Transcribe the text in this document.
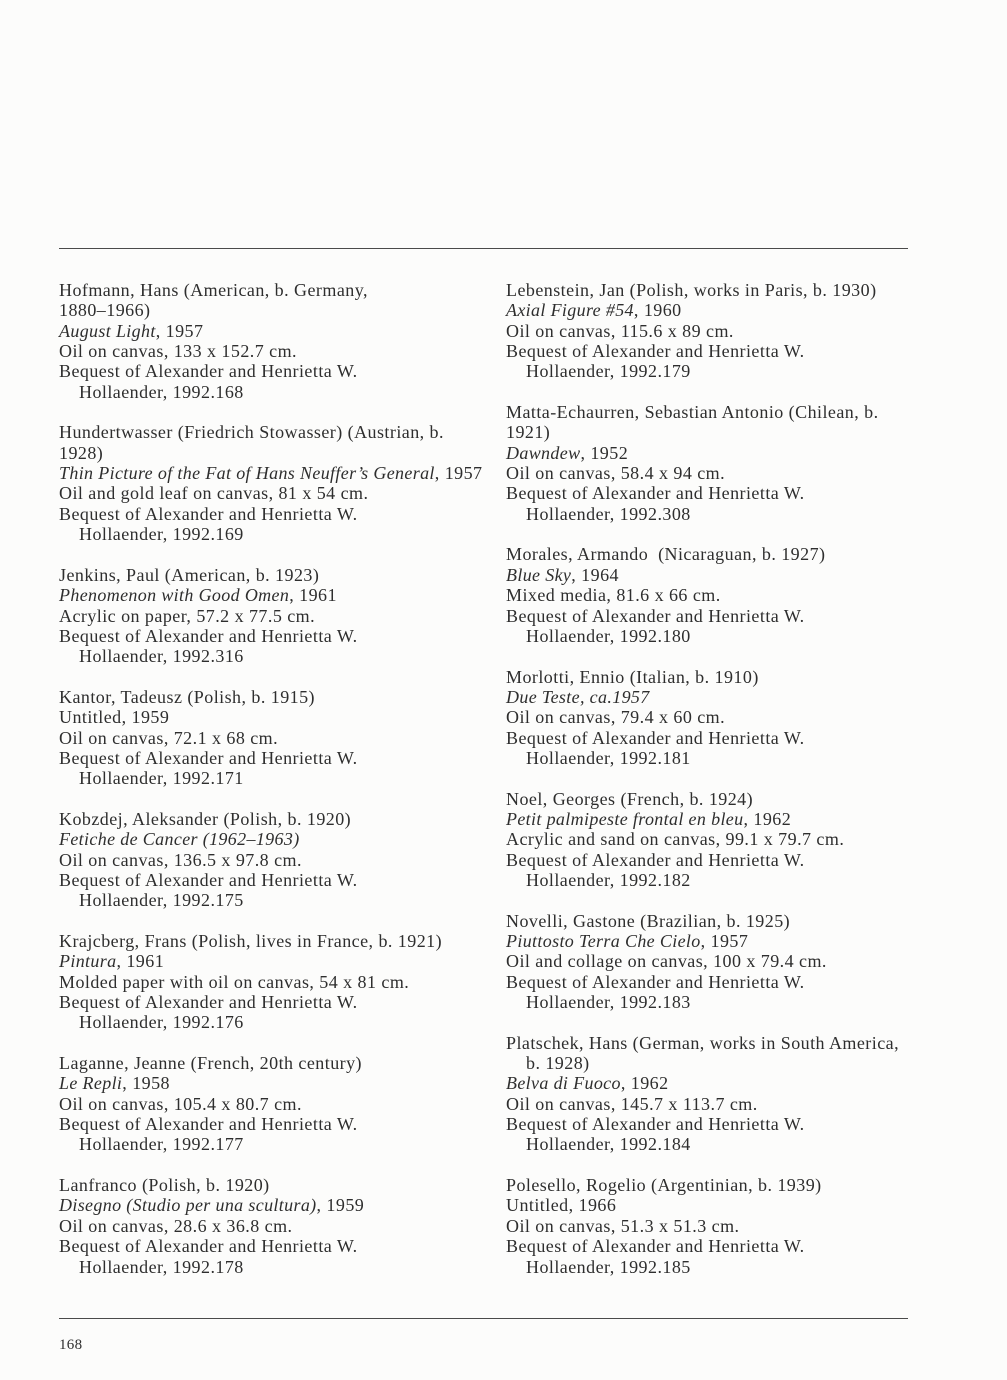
Hofmann, Hans (American, b. Germany,
1880–1966)
August Light, 1957
Oil on canvas, 133 x 152.7 cm.
Bequest of Alexander and Henrietta W.
Hollaender, 1992.168
Hundertwasser (Friedrich Stowasser) (Austrian, b.
1928)
Thin Picture of the Fat of Hans Neuffer’s General, 1957
Oil and gold leaf on canvas, 81 x 54 cm.
Bequest of Alexander and Henrietta W.
Hollaender, 1992.169
Jenkins, Paul (American, b. 1923)
Phenomenon with Good Omen, 1961
Acrylic on paper, 57.2 x 77.5 cm.
Bequest of Alexander and Henrietta W.
Hollaender, 1992.316
Kantor, Tadeusz (Polish, b. 1915)
Untitled, 1959
Oil on canvas, 72.1 x 68 cm.
Bequest of Alexander and Henrietta W.
Hollaender, 1992.171
Kobzdej, Aleksander (Polish, b. 1920)
Fetiche de Cancer (1962–1963)
Oil on canvas, 136.5 x 97.8 cm.
Bequest of Alexander and Henrietta W.
Hollaender, 1992.175
Krajcberg, Frans (Polish, lives in France, b. 1921)
Pintura, 1961
Molded paper with oil on canvas, 54 x 81 cm.
Bequest of Alexander and Henrietta W.
Hollaender, 1992.176
Laganne, Jeanne (French, 20th century)
Le Repli, 1958
Oil on canvas, 105.4 x 80.7 cm.
Bequest of Alexander and Henrietta W.
Hollaender, 1992.177
Lanfranco (Polish, b. 1920)
Disegno (Studio per una scultura), 1959
Oil on canvas, 28.6 x 36.8 cm.
Bequest of Alexander and Henrietta W.
Hollaender, 1992.178
Lebenstein, Jan (Polish, works in Paris, b. 1930)
Axial Figure #54, 1960
Oil on canvas, 115.6 x 89 cm.
Bequest of Alexander and Henrietta W.
Hollaender, 1992.179
Matta-Echaurren, Sebastian Antonio (Chilean, b.
1921)
Dawndew, 1952
Oil on canvas, 58.4 x 94 cm.
Bequest of Alexander and Henrietta W.
Hollaender, 1992.308
Morales, Armando  (Nicaraguan, b. 1927)
Blue Sky, 1964
Mixed media, 81.6 x 66 cm.
Bequest of Alexander and Henrietta W.
Hollaender, 1992.180
Morlotti, Ennio (Italian, b. 1910)
Due Teste, ca.1957
Oil on canvas, 79.4 x 60 cm.
Bequest of Alexander and Henrietta W.
Hollaender, 1992.181
Noel, Georges (French, b. 1924)
Petit palmipeste frontal en bleu, 1962
Acrylic and sand on canvas, 99.1 x 79.7 cm.
Bequest of Alexander and Henrietta W.
Hollaender, 1992.182
Novelli, Gastone (Brazilian, b. 1925)
Piuttosto Terra Che Cielo, 1957
Oil and collage on canvas, 100 x 79.4 cm.
Bequest of Alexander and Henrietta W.
Hollaender, 1992.183
Platschek, Hans (German, works in South America,
b. 1928)
Belva di Fuoco, 1962
Oil on canvas, 145.7 x 113.7 cm.
Bequest of Alexander and Henrietta W.
Hollaender, 1992.184
Polesello, Rogelio (Argentinian, b. 1939)
Untitled, 1966
Oil on canvas, 51.3 x 51.3 cm.
Bequest of Alexander and Henrietta W.
Hollaender, 1992.185
168
